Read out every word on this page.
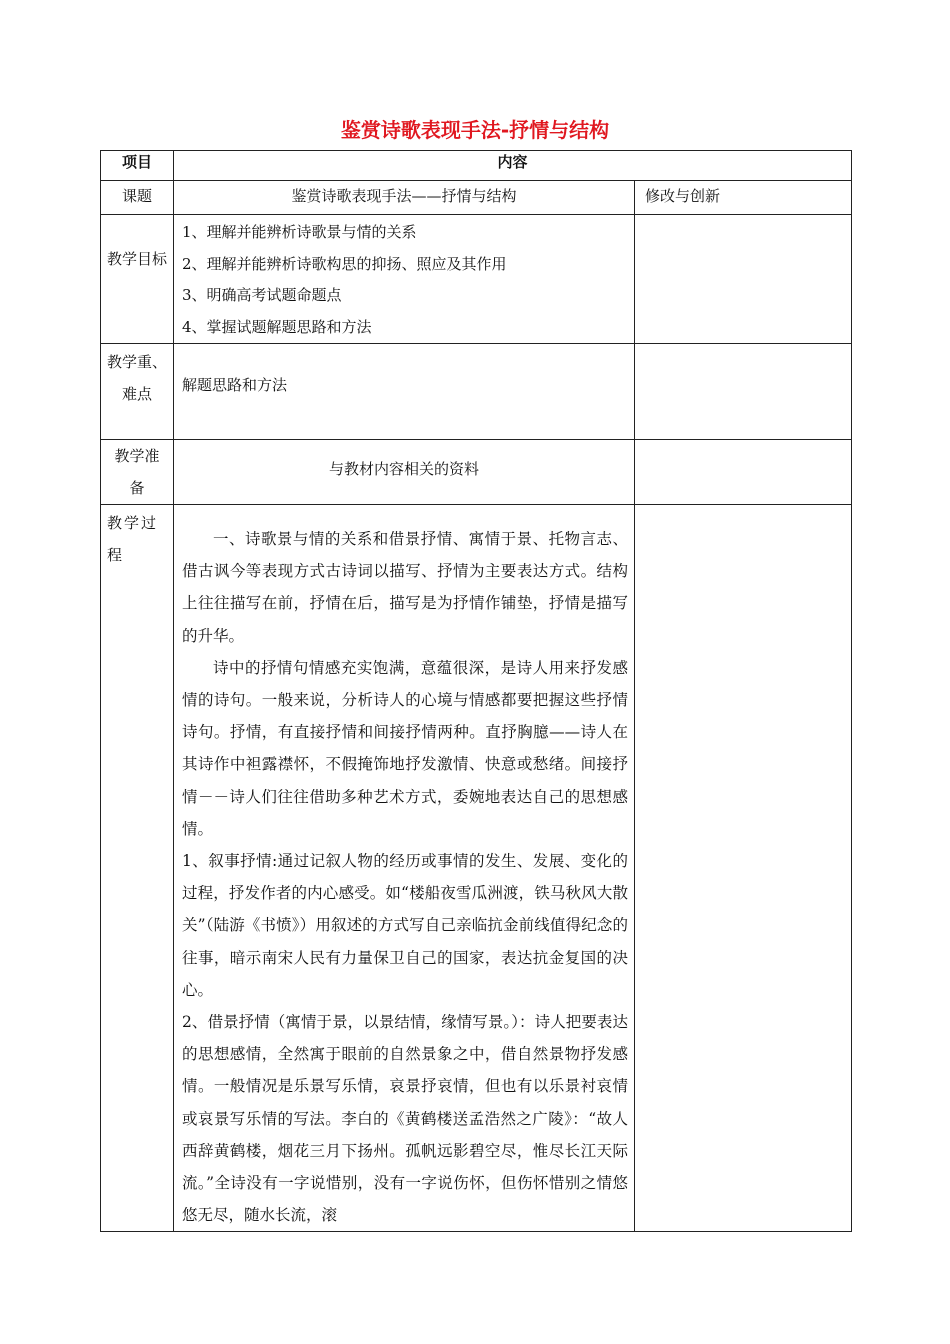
鉴赏诗歌表现手法-抒情与结构
项目	内容	
课题	鉴赏诗歌表现手法——抒情与结构	修改与创新
教学目标	1、理解并能辨析诗歌景与情的关系
2、理解并能辨析诗歌构思的抑扬、照应及其作用
3、明确高考试题命题点
4、掌握试题解题思路和方法	

教学重、难点	解题思路和方法	
教学准备	与教材内容相关的资料	
教学过程	一、诗歌景与情的关系和借景抒情、寓情于景、托物言志、借古讽今等表现方式古诗词以描写、抒情为主要表达方式。结构上往往描写在前，抒情在后，描写是为抒情作铺垫，抒情是描写的升华。

诗中的抒情句情感充实饱满，意蕴很深，是诗人用来抒发感情的诗句。一般来说，分析诗人的心境与情感都要把握这些抒情诗句。抒情，有直接抒情和间接抒情两种。直抒胸臆——诗人在其诗作中袒露襟怀，不假掩饰地抒发激情、快意或愁绪。间接抒情－－诗人们往往借助多种艺术方式，委婉地表达自己的思想感情。

1、叙事抒情:通过记叙人物的经历或事情的发生、发展、变化的过程，抒发作者的内心感受。如“楼船夜雪瓜洲渡，铁马秋风大散关”（陆游《书愤》）用叙述的方式写自己亲临抗金前线值得纪念的往事，暗示南宋人民有力量保卫自己的国家，表达抗金复国的决心。

2、借景抒情（寓情于景，以景结情，缘情写景。）：诗人把要表达的思想感情，全然寓于眼前的自然景象之中，借自然景物抒发感情。一般情况是乐景写乐情，哀景抒哀情，但也有以乐景衬哀情或哀景写乐情的写法。李白的《黄鹤楼送孟浩然之广陵》：“故人西辞黄鹤楼，烟花三月下扬州。孤帆远影碧空尽，惟尽长江天际流。”全诗没有一字说惜别，没有一字说伤怀，但伤怀惜别之情悠悠无尽，随水长流，滚	
